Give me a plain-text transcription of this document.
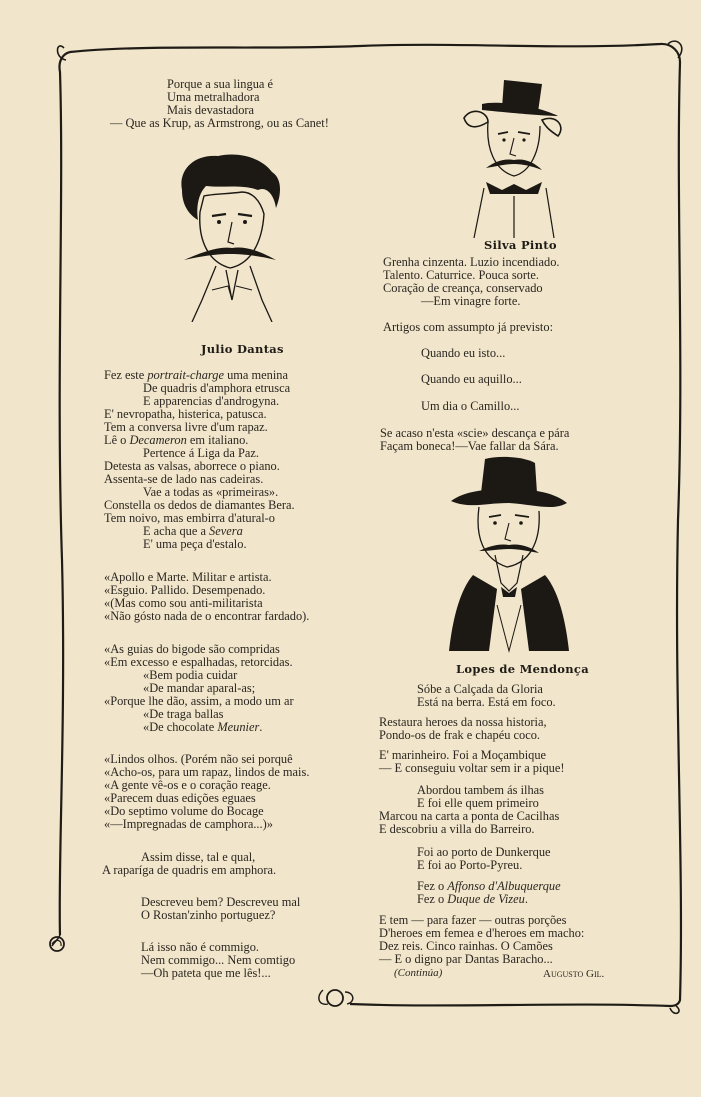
Julio Dantas
Silva Pinto
Lopes de Mendonça
Porque a sua lingua é
Uma metralhadora
Mais devastadora
— Que as Krup, as Armstrong, ou as Canet!
Fez este portrait-charge uma menina
De quadris d'amphora etrusca
E apparencias d'androgyna.
E' nevropatha, histerica, patusca.
Tem a conversa livre d'um rapaz.
Lê o Decameron em italiano.
Pertence á Liga da Paz.
Detesta as valsas, aborrece o piano.
Assenta-se de lado nas cadeiras.
Vae a todas as «primeiras».
Constella os dedos de diamantes Bera.
Tem noivo, mas embirra d'atural-o
E acha que a Severa
E' uma peça d'estalo.
«Apollo e Marte. Militar e artista.
«Esguio. Pallido. Desempenado.
«(Mas como sou anti-militarista
«Não gósto nada de o encontrar fardado).
«As guias do bigode são compridas
«Em excesso e espalhadas, retorcidas.
«Bem podia cuidar
«De mandar aparal-as;
«Porque lhe dão, assim, a modo um ar
«De traga ballas
«De chocolate Meunier.
«Lindos olhos. (Porém não sei porquê
«Acho-os, para um rapaz, lindos de mais.
«A gente vê-os e o coração reage.
«Parecem duas edições eguaes
«Do septimo volume do Bocage
«—Impregnadas de camphora...)»
Assim disse, tal e qual,
A raparíga de quadris em amphora.
Descreveu bem? Descreveu mal
O Rostan'zinho portuguez?
Lá isso não é commigo.
Nem commigo... Nem comtigo
—Oh pateta que me lês!...
Grenha cinzenta. Luzio incendiado.
Talento. Caturrice. Pouca sorte.
Coração de creança, conservado
—Em vinagre forte.
Artigos com assumpto já previsto:
Quando eu isto...
Quando eu aquillo...
Um dia o Camillo...
Se acaso n'esta «scie» descança e pára
Façam boneca!—Vae fallar da Sára.
Sóbe a Calçada da Gloria
Está na berra. Está em foco.
Restaura heroes da nossa historia,
Pondo-os de frak e chapéu coco.
E' marinheiro. Foi a Moçambique
— E conseguiu voltar sem ir a pique!
Abordou tambem ás ilhas
E foi elle quem primeiro
Marcou na carta a ponta de Cacilhas
E descobriu a villa do Barreiro.
Foi ao porto de Dunkerque
E foi ao Porto-Pyreu.
Fez o Affonso d'Albuquerque
Fez o Duque de Vizeu.
E tem — para fazer — outras porções
D'heroes em femea e d'heroes em macho:
Dez reis. Cinco rainhas. O Camões
— E o digno par Dantas Baracho...
(Continúa)	Augusto Gil.
